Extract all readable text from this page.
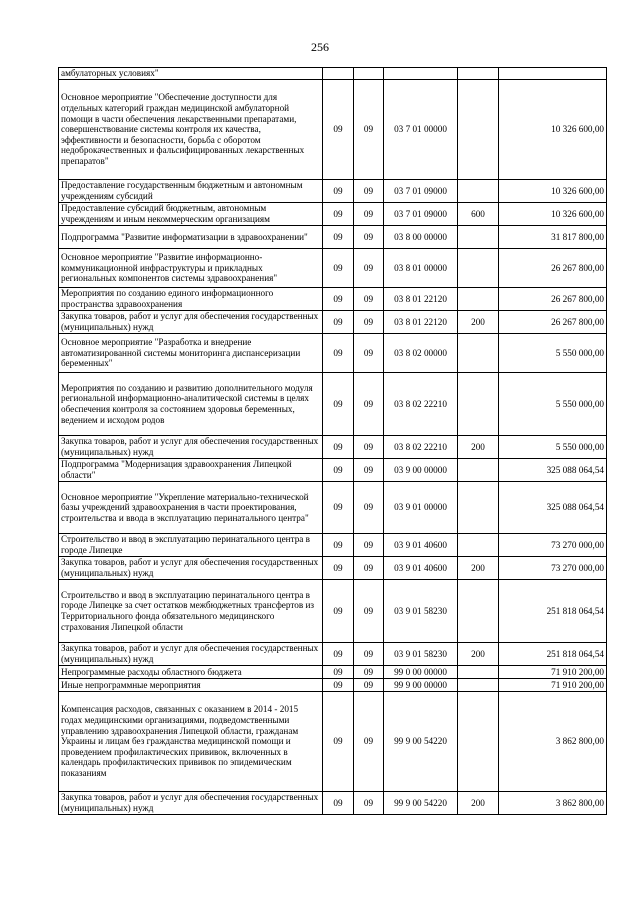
256
амбулаторных условиях"					
Основное мероприятие "Обеспечение доступности для отдельных категорий граждан медицинской амбулаторной помощи в части обеспечения лекарственными препаратами, совершенствование системы контроля их качества, эффективности и безопасности, борьба с оборотом недоброкачественных и фальсифицированных лекарственных препаратов"	09	09	03 7 01 00000		10 326 600,00
Предоставление государственным бюджетным и автономным учреждениям субсидий	09	09	03 7 01 09000		10 326 600,00
Предоставление субсидий бюджетным, автономным учреждениям и иным некоммерческим организациям	09	09	03 7 01 09000	600	10 326 600,00
Подпрограмма "Развитие информатизации в здравоохранении"	09	09	03 8 00 00000		31 817 800,00
Основное мероприятие "Развитие информационно-коммуникационной инфраструктуры и прикладных региональных компонентов системы здравоохранения"	09	09	03 8 01 00000		26 267 800,00
Мероприятия по созданию единого информационного пространства здравоохранения	09	09	03 8 01 22120		26 267 800,00
Закупка товаров, работ и услуг для обеспечения государственных (муниципальных) нужд	09	09	03 8 01 22120	200	26 267 800,00
Основное мероприятие "Разработка и внедрение автоматизированной системы мониторинга диспансеризации беременных"	09	09	03 8 02 00000		5 550 000,00
Мероприятия по созданию и развитию дополнительного модуля региональной информационно-аналитической системы в целях обеспечения контроля за состоянием здоровья беременных, ведением и исходом родов	09	09	03 8 02 22210		5 550 000,00
Закупка товаров, работ и услуг для обеспечения государственных (муниципальных) нужд	09	09	03 8 02 22210	200	5 550 000,00
Подпрограмма "Модернизация здравоохранения Липецкой области"	09	09	03 9 00 00000		325 088 064,54
Основное мероприятие "Укрепление материально-технической базы учреждений здравоохранения в части проектирования, строительства и ввода в эксплуатацию перинатального центра"	09	09	03 9 01 00000		325 088 064,54
Строительство и ввод в эксплуатацию перинатального центра в городе Липецке	09	09	03 9 01 40600		73 270 000,00
Закупка товаров, работ и услуг для обеспечения государственных (муниципальных) нужд	09	09	03 9 01 40600	200	73 270 000,00
Строительство и ввод в эксплуатацию перинатального центра в городе Липецке за счет остатков межбюджетных трансфертов из Территориального фонда обязательного медицинского страхования Липецкой области	09	09	03 9 01 58230		251 818 064,54
Закупка товаров, работ и услуг для обеспечения государственных (муниципальных) нужд	09	09	03 9 01 58230	200	251 818 064,54
Непрограммные расходы областного бюджета	09	09	99 0 00 00000		71 910 200,00
Иные непрограммные мероприятия	09	09	99 9 00 00000		71 910 200,00
Компенсация расходов, связанных с оказанием в 2014 - 2015 годах медицинскими организациями, подведомственными управлению здравоохранения Липецкой области, гражданам Украины и лицам без гражданства медицинской помощи и проведением профилактических прививок, включенных в календарь профилактических прививок по эпидемическим показаниям	09	09	99 9 00 54220		3 862 800,00
Закупка товаров, работ и услуг для обеспечения государственных (муниципальных) нужд	09	09	99 9 00 54220	200	3 862 800,00
